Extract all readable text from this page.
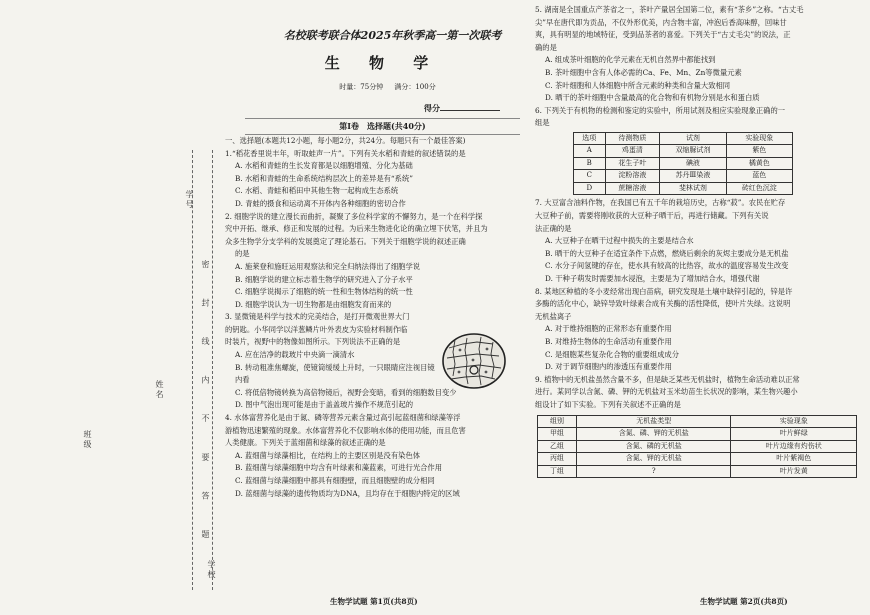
班级
姓名
学号
学校
密 封 线 内 不 要 答 题
名校联考联合体2025年秋季高一第一次联考
生 物 学
时量：75分钟 满分：100分
得分
第Ⅰ卷 选择题(共40分)
一、选择题(本题共12小题，每小题2分，共24分。每题只有一个最佳答案)
1.“稻花香里说丰年，听取蛙声一片”。下列有关水稻和青蛙的叙述错误的是
A. 水稻和青蛙的生长发育都是以细胞增殖、分化为基础
B. 水稻和青蛙的生命系统结构层次上的差异是有“系统”
C. 水稻、青蛙和稻田中其他生物一起构成生态系统
D. 青蛙的摄食和运动离不开体内各种细胞的密切合作
2. 细胞学说的建立漫长而曲折，凝聚了多位科学家的不懈努力，是一个在科学探
究中开拓、继承、修正和发展的过程。为后来生物进化论的确立埋下伏笔，并且为
众多生物学分支学科的发展奠定了理论基石。下列关于细胞学说的叙述正确
的是
A. 施莱登和施旺运用观察法和完全归纳法得出了细胞学说
B. 细胞学说的建立标志着生物学的研究进入了分子水平
C. 细胞学说揭示了细胞的统一性和生物体结构的统一性
D. 细胞学说认为一切生物都是由细胞发育而来的
3. 显微镜是科学与技术的完美结合，是打开微观世界大门
的钥匙。小华同学以洋葱鳞片叶外表皮为实验材料制作临
时装片，视野中的物像如图所示。下列说法不正确的是
A. 应在洁净的载玻片中央滴一滴清水
B. 转动粗准焦螺旋，使镜筒缓缓上升时，一只眼睛应注视目镜
内看
C. 将低倍物镜转换为高倍物镜后，视野会变暗，看到的细胞数目变少
D. 图中气泡出现可能是由于盖盖玻片操作不规范引起的
4. 水体富营养化是由于氮、磷等营养元素含量过高引起蓝细菌和绿藻等浮
游植物迅速繁殖的现象。水体富营养化不仅影响水体的使用功能，而且危害
人类健康。下列关于蓝细菌和绿藻的叙述正确的是
A. 蓝细菌与绿藻相比，在结构上的主要区别是没有染色体
B. 蓝细菌与绿藻细胞中均含有叶绿素和藻蓝素，可进行光合作用
C. 蓝细菌与绿藻细胞中都具有细胞壁，而且细胞壁的成分相同
D. 蓝细菌与绿藻的遗传物质均为DNA，且均存在于细胞内特定的区域
生物学试题 第1页(共8页)
5. 湖南是全国重点产茶省之一，茶叶产量居全国第二位，素有“茶乡”之称。“古丈毛
尖”早在唐代即为贡品，不仅外形优美，内含物丰富，冲泡后香高味醇，回味甘
爽，具有明显的地域特征，受到品茶者的喜爱。下列关于“古丈毛尖”的说法，正
确的是
A. 组成茶叶细胞的化学元素在无机自然界中都能找到
B. 茶叶细胞中含有人体必需的Ca、Fe、Mn、Zn等微量元素
C. 茶叶细胞和人体细胞中所含元素的种类和含量大致相同
D. 晒干的茶叶细胞中含量最高的化合物和有机物分别是水和蛋白质
6. 下列关于有机物的检测和鉴定的实验中，所用试剂及相应实验现象正确的一
组是
选项	待测物质	试剂	实验现象
A	鸡蛋清	双缩脲试剂	紫色
B	花生子叶	碘液	橘黄色
C	淀粉溶液	苏丹Ⅲ染液	蓝色
D	蔗糖溶液	斐林试剂	砖红色沉淀
7. 大豆富含油料作物，在我国已有五千年的栽培历史，古称“菽”。农民在贮存
大豆种子前，需要将刚收获的大豆种子晒干后，再进行储藏。下列有关说
法正确的是
A. 大豆种子在晒干过程中损失的主要是结合水
B. 晒干的大豆种子在适宜条件下点燃，燃烧后剩余的灰烬主要成分是无机盐
C. 水分子间氢键的存在，使水具有较高的比热容，故水的温度容易发生改变
D. 干种子萌发时需要加水浸泡，主要是为了增加结合水，增强代谢
8. 某地区种植的冬小麦经常出现白苗病，研究发现是土壤中缺锌引起的，锌是许
多酶的活化中心，缺锌导致叶绿素合成有关酶的活性降低，使叶片失绿。这说明
无机盐离子
A. 对于维持细胞的正常形态有重要作用
B. 对维持生物体的生命活动有重要作用
C. 是细胞某些复杂化合物的重要组成成分
D. 对于调节细胞内的渗透压有重要作用
9. 植物中的无机盐虽然含量不多，但是缺乏某些无机盐时，植物生命活动难以正常
进行。某同学以含氮、磷、钾的无机盐对玉米幼苗生长状况的影响，某生物兴趣小
组设计了如下实验。下列有关叙述不正确的是
组别	无机盐类型	实验现象
甲组	含氮、磷、钾的无机盐	叶片鲜绿
乙组	含氮、磷的无机盐	叶片边缘有灼伤状
丙组	含氮、钾的无机盐	叶片紫褐色
丁组	?	叶片发黄
生物学试题 第2页(共8页)
